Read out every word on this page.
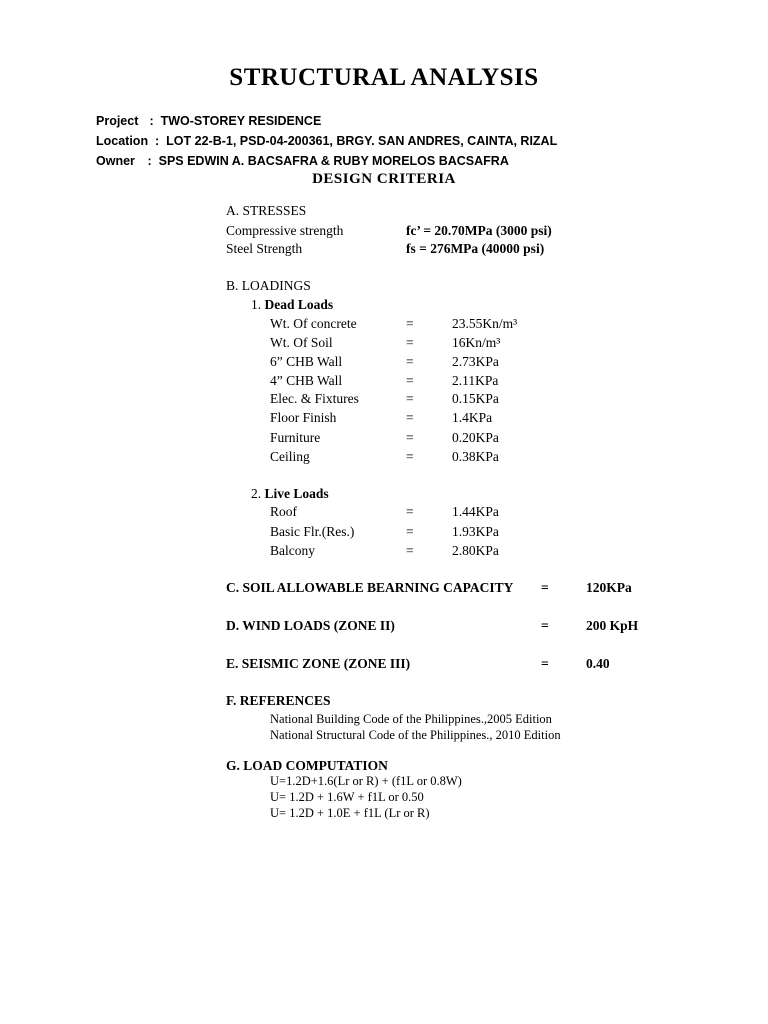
STRUCTURAL ANALYSIS
Project :  TWO-STOREY RESIDENCE
Location  :  LOT 22-B-1, PSD-04-200361, BRGY. SAN ANDRES, CAINTA, RIZAL
Owner :  SPS EDWIN A. BACSAFRA & RUBY MORELOS BACSAFRA
DESIGN CRITERIA
A. STRESSES
Compressive strength	fc’ = 20.70MPa (3000 psi)
Steel Strength	fs = 276MPa (40000 psi)
B. LOADINGS
1. Dead Loads
Wt. Of concrete	=	23.55Kn/m³
Wt. Of Soil	=	16Kn/m³
6” CHB Wall	=	2.73KPa
4” CHB Wall	=	2.11KPa
Elec. & Fixtures	=	0.15KPa
Floor Finish	=	1.4KPa
Furniture	=	0.20KPa
Ceiling	=	0.38KPa
2. Live Loads
Roof	=	1.44KPa
Basic Flr.(Res.)	=	1.93KPa
Balcony	=	2.80KPa
C. SOIL ALLOWABLE BEARNING CAPACITY =	120KPa
D. WIND LOADS (ZONE II)	=	200 KpH
E. SEISMIC ZONE (ZONE III)	=	0.40
F. REFERENCES
National Building Code of the Philippines.,2005 Edition
National Structural Code of the Philippines., 2010 Edition
G. LOAD COMPUTATION
U=1.2D+1.6(Lr or R) + (f1L or 0.8W)
U= 1.2D + 1.6W + f1L or 0.50
U= 1.2D + 1.0E + f1L (Lr or R)
